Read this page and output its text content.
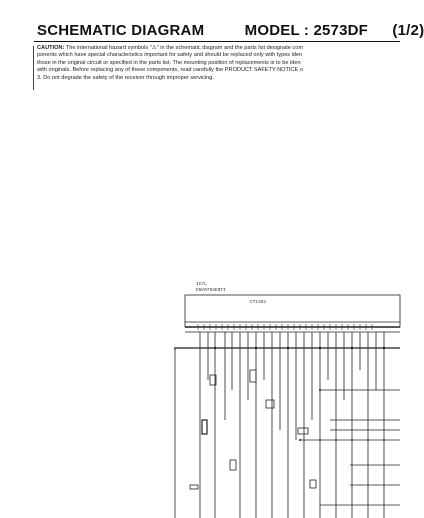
SCHEMATIC DIAGRAM	MODEL : 2573DF (1/2)
CAUTION: The international hazard symbols "⚠" in the schematic diagram and the parts list designate com
ponents which have special characteristics important for safety and should be replaced only with types iden
those in the original circuit or specified in the parts list. The mounting position of replacements is to be iden
with originals. Before replacing any of these components, read carefully the PRODUCT SAFETY NOTICE o
3. Do not degrade the safety of the receiver through improper servicing.
IC7L
ENV0702ENTI
CT1491
